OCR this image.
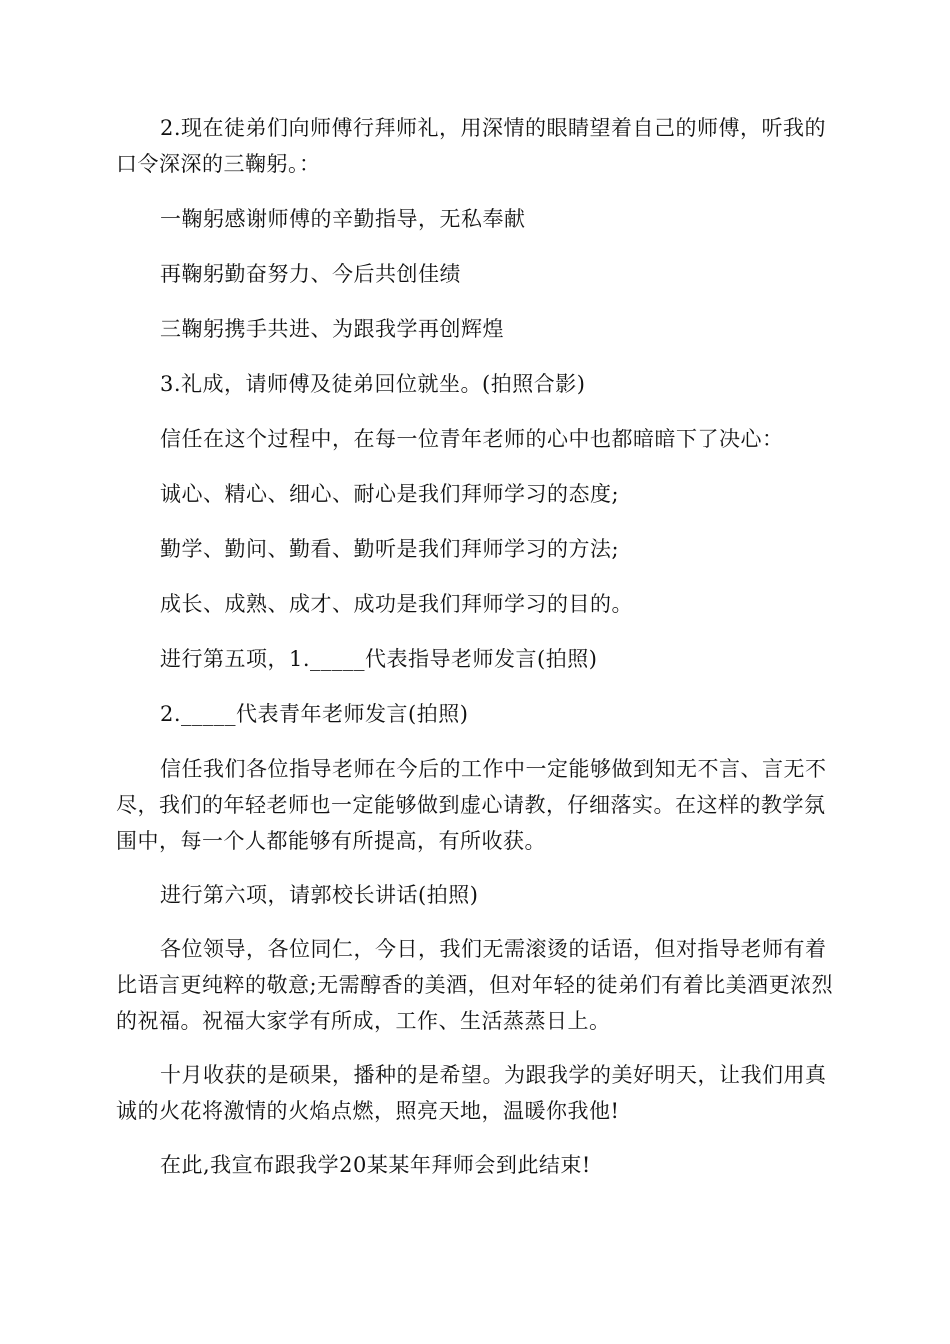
2.现在徒弟们向师傅行拜师礼，用深情的眼睛望着自己的师傅，听我的口令深深的三鞠躬。：

一鞠躬感谢师傅的辛勤指导，无私奉献

再鞠躬勤奋努力、今后共创佳绩

三鞠躬携手共进、为跟我学再创辉煌

3.礼成，请师傅及徒弟回位就坐。(拍照合影)

信任在这个过程中，在每一位青年老师的心中也都暗暗下了决心：

诚心、精心、细心、耐心是我们拜师学习的态度;

勤学、勤问、勤看、勤听是我们拜师学习的方法;

成长、成熟、成才、成功是我们拜师学习的目的。

进行第五项，1._____代表指导老师发言(拍照)

2._____代表青年老师发言(拍照)

信任我们各位指导老师在今后的工作中一定能够做到知无不言、言无不尽，我们的年轻老师也一定能够做到虚心请教，仔细落实。在这样的教学氛围中，每一个人都能够有所提高，有所收获。

进行第六项，请郭校长讲话(拍照)

各位领导，各位同仁，今日，我们无需滚烫的话语，但对指导老师有着比语言更纯粹的敬意;无需醇香的美酒，但对年轻的徒弟们有着比美酒更浓烈的祝福。祝福大家学有所成，工作、生活蒸蒸日上。

十月收获的是硕果，播种的是希望。为跟我学的美好明天，让我们用真诚的火花将激情的火焰点燃，照亮天地，温暖你我他!

在此,我宣布跟我学20某某年拜师会到此结束!
